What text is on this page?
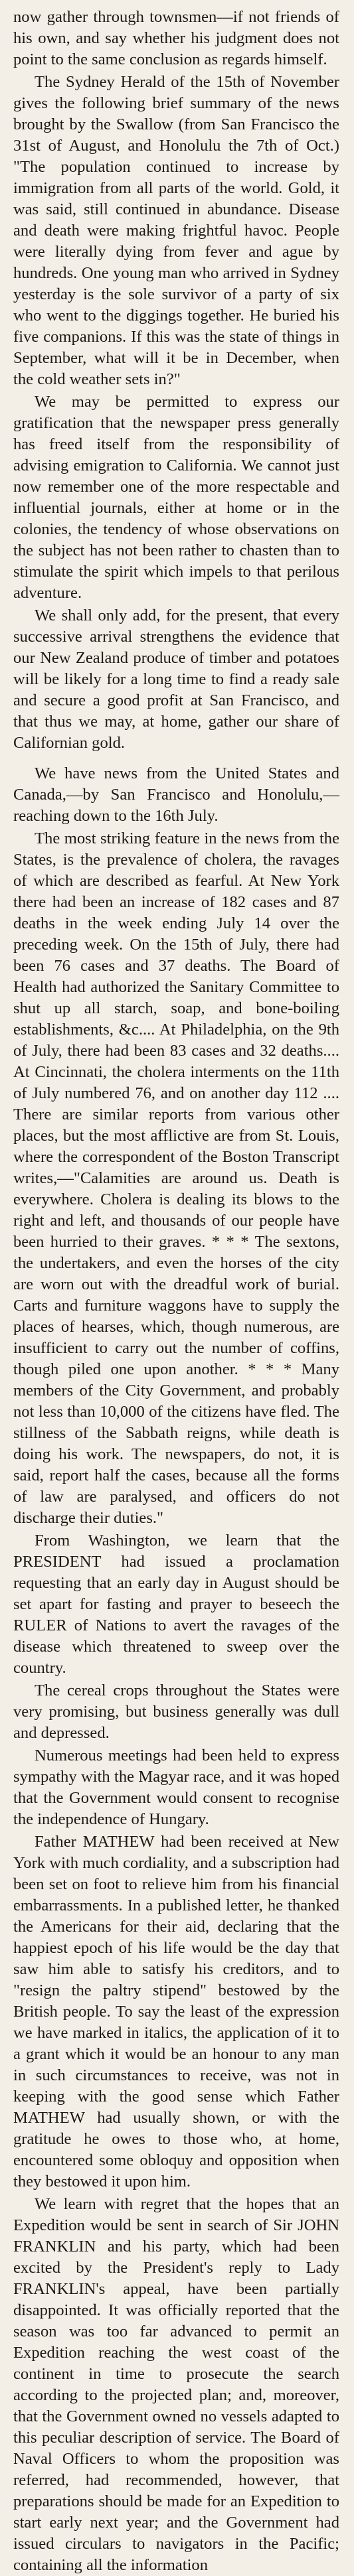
now gather through townsmen—if not friends of his own, and say whether his judgment does not point to the same conclusion as regards himself.

The Sydney Herald of the 15th of November gives the following brief summary of the news brought by the Swallow (from San Francisco the 31st of August, and Honolulu the 7th of Oct.) "The population continued to increase by immigration from all parts of the world. Gold, it was said, still continued in abundance. Disease and death were making frightful havoc. People were literally dying from fever and ague by hundreds. One young man who arrived in Sydney yesterday is the sole survivor of a party of six who went to the diggings together. He buried his five companions. If this was the state of things in September, what will it be in December, when the cold weather sets in?"

We may be permitted to express our gratification that the newspaper press generally has freed itself from the responsibility of advising emigration to California. We cannot just now remember one of the more respectable and influential journals, either at home or in the colonies, the tendency of whose observations on the subject has not been rather to chasten than to stimulate the spirit which impels to that perilous adventure.

We shall only add, for the present, that every successive arrival strengthens the evidence that our New Zealand produce of timber and potatoes will be likely for a long time to find a ready sale and secure a good profit at San Francisco, and that thus we may, at home, gather our share of Californian gold.

We have news from the United States and Canada,—by San Francisco and Honolulu,—reaching down to the 16th July.

The most striking feature in the news from the States, is the prevalence of cholera, the ravages of which are described as fearful. At New York there had been an increase of 182 cases and 87 deaths in the week ending July 14 over the preceding week. On the 15th of July, there had been 76 cases and 37 deaths. The Board of Health had authorized the Sanitary Committee to shut up all starch, soap, and bone-boiling establishments, &c.... At Philadelphia, on the 9th of July, there had been 83 cases and 32 deaths.... At Cincinnati, the cholera interments on the 11th of July numbered 76, and on another day 112 .... There are similar reports from various other places, but the most afflictive are from St. Louis, where the correspondent of the Boston Transcript writes,—"Calamities are around us. Death is everywhere. Cholera is dealing its blows to the right and left, and thousands of our people have been hurried to their graves. * * * The sextons, the undertakers, and even the horses of the city are worn out with the dreadful work of burial. Carts and furniture waggons have to supply the places of hearses, which, though numerous, are insufficient to carry out the number of coffins, though piled one upon another. * * * Many members of the City Government, and probably not less than 10,000 of the citizens have fled. The stillness of the Sabbath reigns, while death is doing his work. The newspapers, do not, it is said, report half the cases, because all the forms of law are paralysed, and officers do not discharge their duties."

From Washington, we learn that the PRESIDENT had issued a proclamation requesting that an early day in August should be set apart for fasting and prayer to beseech the RULER of Nations to avert the ravages of the disease which threatened to sweep over the country.

The cereal crops throughout the States were very promising, but business generally was dull and depressed.

Numerous meetings had been held to express sympathy with the Magyar race, and it was hoped that the Government would consent to recognise the independence of Hungary.

Father MATHEW had been received at New York with much cordiality, and a subscription had been set on foot to relieve him from his financial embarrassments. In a published letter, he thanked the Americans for their aid, declaring that the happiest epoch of his life would be the day that saw him able to satisfy his creditors, and to "resign the paltry stipend" bestowed by the British people. To say the least of the expression we have marked in italics, the application of it to a grant which it would be an honour to any man in such circumstances to receive, was not in keeping with the good sense which Father MATHEW had usually shown, or with the gratitude he owes to those who, at home, encountered some obloquy and opposition when they bestowed it upon him.

We learn with regret that the hopes that an Expedition would be sent in search of Sir JOHN FRANKLIN and his party, which had been excited by the President's reply to Lady FRANKLIN's appeal, have been partially disappointed. It was officially reported that the season was too far advanced to permit an Expedition reaching the west coast of the continent in time to prosecute the search according to the projected plan; and, moreover, that the Government owned no vessels adapted to this peculiar description of service. The Board of Naval Officers to whom the proposition was referred, had recommended, however, that preparations should be made for an Expedition to start early next year; and the Government had issued circulars to navigators in the Pacific; containing all the information
